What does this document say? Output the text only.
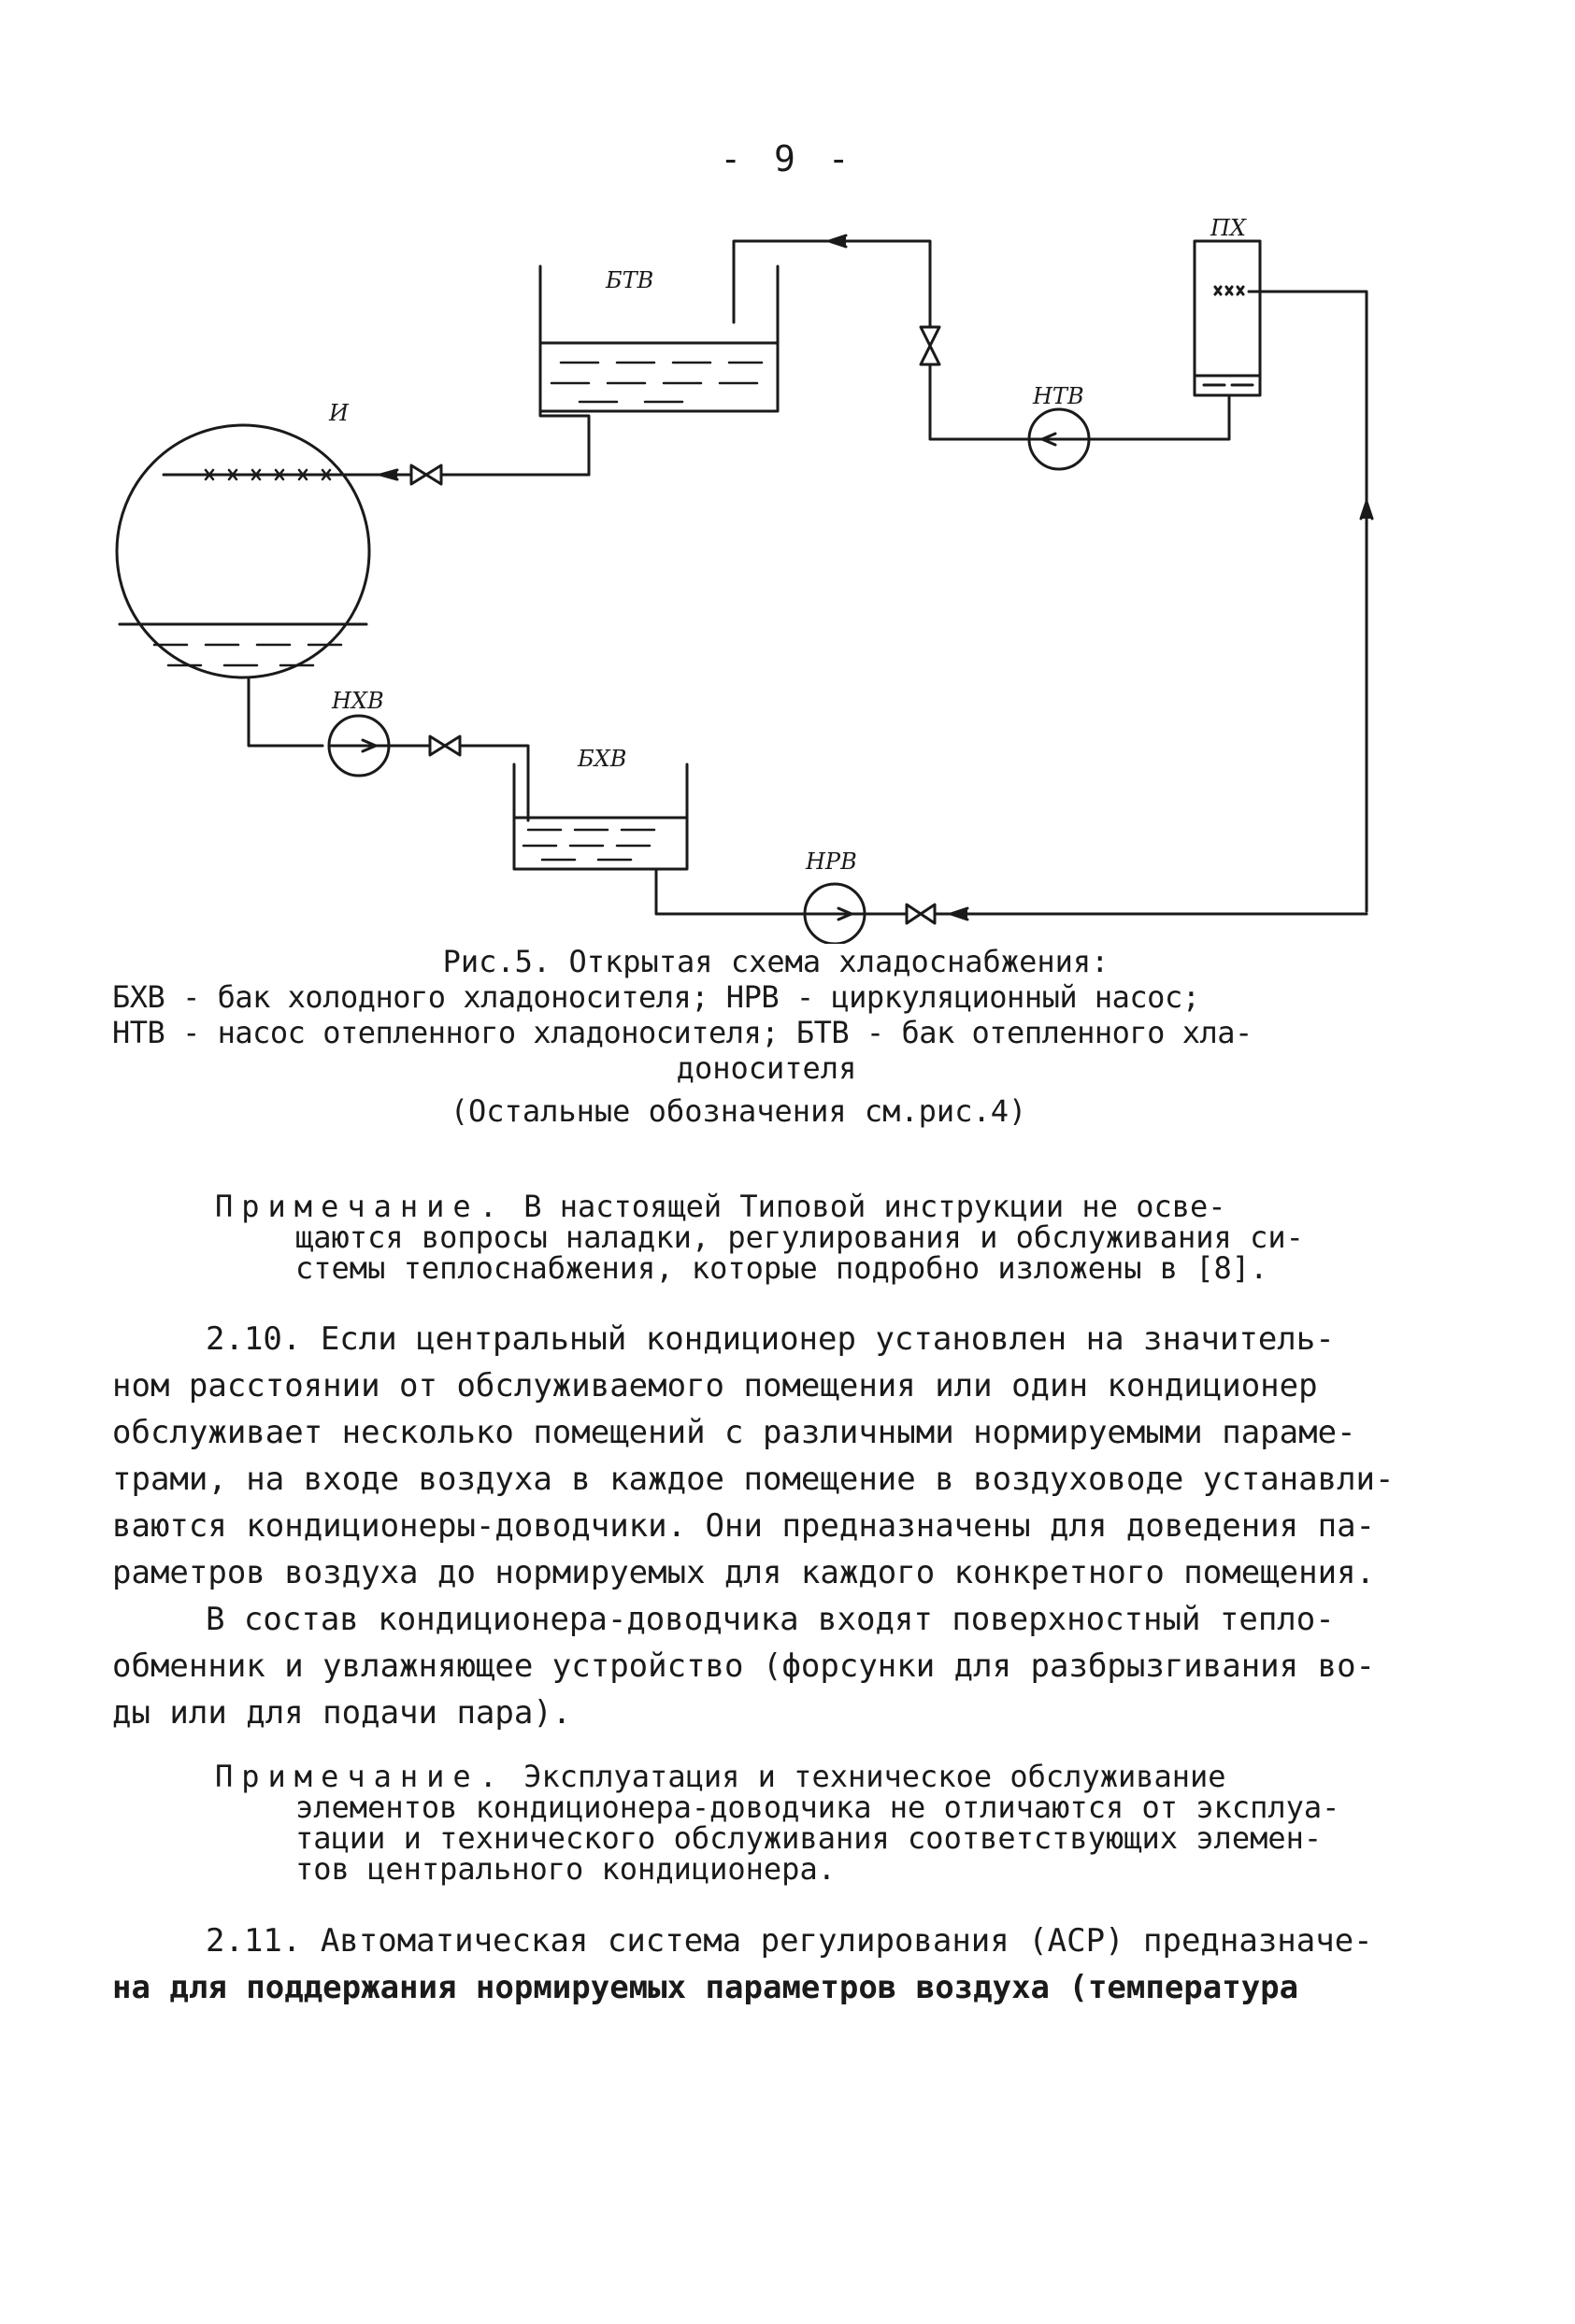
- 9 -
БТВ
ПХ
И
НТВ
НХВ
БХВ
НРВ
Рис.5. Открытая схема хладоснабжения:
БХВ - бак холодного хладоносителя; НРВ - циркуляционный насос;
НТВ - насос отепленного хладоносителя; БТВ - бак отепленного хла-
доносителя
(Остальные обозначения см.рис.4)
Примечание. В настоящей Типовой инструкции не осве-
щаются вопросы наладки, регулирования и обслуживания си-
стемы теплоснабжения, которые подробно изложены в [8].

2.10. Если центральный кондиционер установлен на значитель-

ном расстоянии от обслуживаемого помещения или один кондиционер

обслуживает несколько помещений с различными нормируемыми параме-

трами, на входе воздуха в каждое помещение в воздуховоде устанавли-

ваются кондиционеры-доводчики. Они предназначены для доведения па-

раметров воздуха до нормируемых для каждого конкретного помещения.

В состав кондиционера-доводчика входят поверхностный тепло-

обменник и увлажняющее устройство (форсунки для разбрызгивания во-

ды или для подачи пара).

Примечание. Эксплуатация и техническое обслуживание
элементов кондиционера-доводчика не отличаются от эксплуа-
тации и технического обслуживания соответствующих элемен-
тов центрального кондиционера.

2.11. Автоматическая система регулирования (АСР) предназначе-

на для поддержания нормируемых параметров воздуха (температура
